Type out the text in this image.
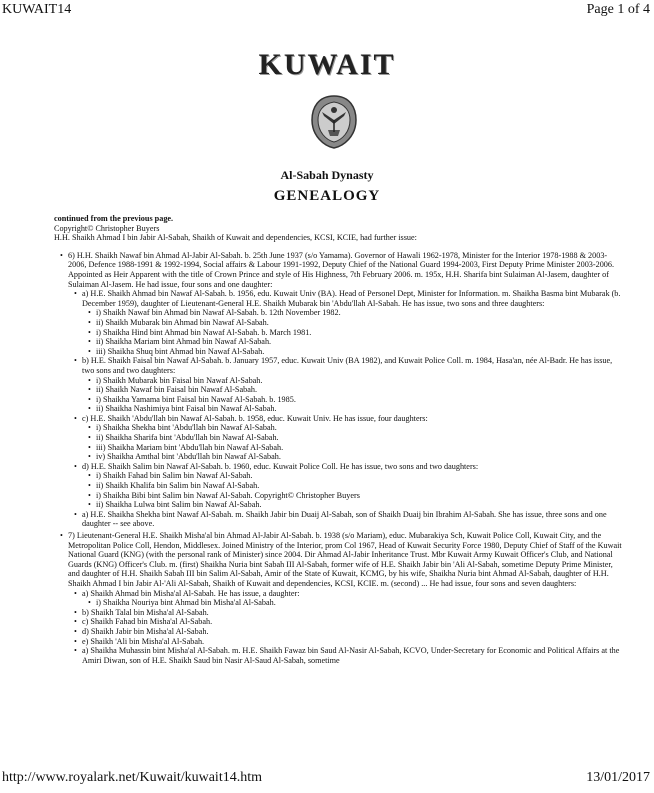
KUWAIT14	Page 1 of 4
KUWAIT
Al-Sabah Dynasty
GENEALOGY

continued from the previous page.

Copyright© Christopher Buyers

H.H. Shaikh Ahmad I bin Jabir Al-Sabah, Shaikh of Kuwait and dependencies, KCSI, KCIE, had further issue:

• 6) H.H. Shaikh Nawaf bin Ahmad Al-Jabir Al-Sabah. b. 25th June 1937 (s/o Yamama). Governor of Hawali 1962-1978, Minister for the Interior 1978-1988 & 2003-2006, Defence 1988-1991 & 1992-1994, Social affairs & Labour 1991-1992, Deputy Chief of the National Guard 1994-2003, First Deputy Prime Minister 2003-2006. Appointed as Heir Apparent with the title of Crown Prince and style of His Highness, 7th February 2006. m. 195x, H.H. Sharifa bint Sulaiman Al-Jasem, daughter of Sulaiman Al-Jasem. He had issue, four sons and one daughter:
• a) H.E. Shaikh Ahmad bin Nawaf Al-Sabah. b. 1956, edu. Kuwait Univ (BA). Head of Personel Dept, Minister for Information. m. Shaikha Basma bint Mubarak (b. December 1959), daughter of Lieutenant-General H.E. Shaikh Mubarak bin 'Abdu'llah Al-Sabah. He has issue, two sons and three daughters:
• i) Shaikh Nawaf bin Ahmad bin Nawaf Al-Sabah. b. 12th November 1982.
• ii) Shaikh Mubarak bin Ahmad bin Nawaf Al-Sabah.
• i) Shaikha Hind bint Ahmad bin Nawaf Al-Sabah. b. March 1981.
• ii) Shaikha Mariam bint Ahmad bin Nawaf Al-Sabah.
• iii) Shaikha Shuq bint Ahmad bin Nawaf Al-Sabah.
• b) H.E. Shaikh Faisal bin Nawaf Al-Sabah. b. January 1957, educ. Kuwait Univ (BA 1982), and Kuwait Police Coll. m. 1984, Hasa'an, née Al-Badr. He has issue, two sons and two daughters:
• i) Shaikh Mubarak bin Faisal bin Nawaf Al-Sabah.
• ii) Shaikh Nawaf bin Faisal bin Nawaf Al-Sabah.
• i) Shaikha Yamama bint Faisal bin Nawaf Al-Sabah. b. 1985.
• ii) Shaikha Nashimiya bint Faisal bin Nawaf Al-Sabah.
• c) H.E. Shaikh 'Abdu'llah bin Nawaf Al-Sabah. b. 1958, educ. Kuwait Univ. He has issue, four daughters:
• i) Shaikha Shekha bint 'Abdu'llah bin Nawaf Al-Sabah.
• ii) Shaikha Sharifa bint 'Abdu'llah bin Nawaf Al-Sabah.
• iii) Shaikha Mariam bint 'Abdu'llah bin Nawaf Al-Sabah.
• iv) Shaikha Amthal bint 'Abdu'llah bin Nawaf Al-Sabah.
• d) H.E. Shaikh Salim bin Nawaf Al-Sabah. b. 1960, educ. Kuwait Police Coll. He has issue, two sons and two daughters:
• i) Shaikh Fahad bin Salim bin Nawaf Al-Sabah.
• ii) Shaikh Khalifa bin Salim bin Nawaf Al-Sabah.
• i) Shaikha Bibi bint Salim bin Nawaf Al-Sabah. Copyright© Christopher Buyers
• ii) Shaikha Lulwa bint Salim bin Nawaf Al-Sabah.
• a) H.E. Shaikha Shekha bint Nawaf Al-Sabah. m. Shaikh Jabir bin Duaij Al-Sabah, son of Shaikh Duaij bin Ibrahim Al-Sabah. She has issue, three sons and one daughter -- see above.
• 7) Lieutenant-General H.E. Shaikh Misha'al bin Ahmad Al-Jabir Al-Sabah. b. 1938 (s/o Mariam), educ. Mubarakiya Sch, Kuwait Police Coll, Kuwait City, and the Metropolitan Police Coll, Hendon, Middlesex. Joined Ministry of the Interior, prom Col 1967, Head of Kuwait Security Force 1980, Deputy Chief of Staff of the Kuwait National Guard (KNG) (with the personal rank of Minister) since 2004. Dir Ahmad Al-Jabir Inheritance Trust. Mbr Kuwait Army Kuwait Officer's Club, and National Guards (KNG) Officer's Club. m. (first) Shaikha Nuria bint Sabah III Al-Sabah, former wife of H.E. Shaikh Jabir bin 'Ali Al-Sabah, sometime Deputy Prime Minister, and daughter of H.H. Shaikh Sabah III bin Salim Al-Sabah, Amir of the State of Kuwait, KCMG, by his wife, Shaikha Nuria bint Ahmad Al-Sabah, daughter of H.H. Shaikh Ahmad I bin Jabir Al-'Ali Al-Sabah, Shaikh of Kuwait and dependencies, KCSI, KCIE. m. (second) ... He had issue, four sons and seven daughters:
• a) Shaikh Ahmad bin Misha'al Al-Sabah. He has issue, a daughter:
• i) Shaikha Nouriya bint Ahmad bin Misha'al Al-Sabah.
• b) Shaikh Talal bin Misha'al Al-Sabah.
• c) Shaikh Fahad bin Misha'al Al-Sabah.
• d) Shaikh Jabir bin Misha'al Al-Sabah.
• e) Shaikh 'Ali bin Misha'al Al-Sabah.
• a) Shaikha Muhassin bint Misha'al Al-Sabah. m. H.E. Shaikh Fawaz bin Saud Al-Nasir Al-Sabah, KCVO, Under-Secretary for Economic and Political Affairs at the Amiri Diwan, son of H.E. Shaikh Saud bin Nasir Al-Saud Al-Sabah, sometime
http://www.royalark.net/Kuwait/kuwait14.htm	13/01/2017
